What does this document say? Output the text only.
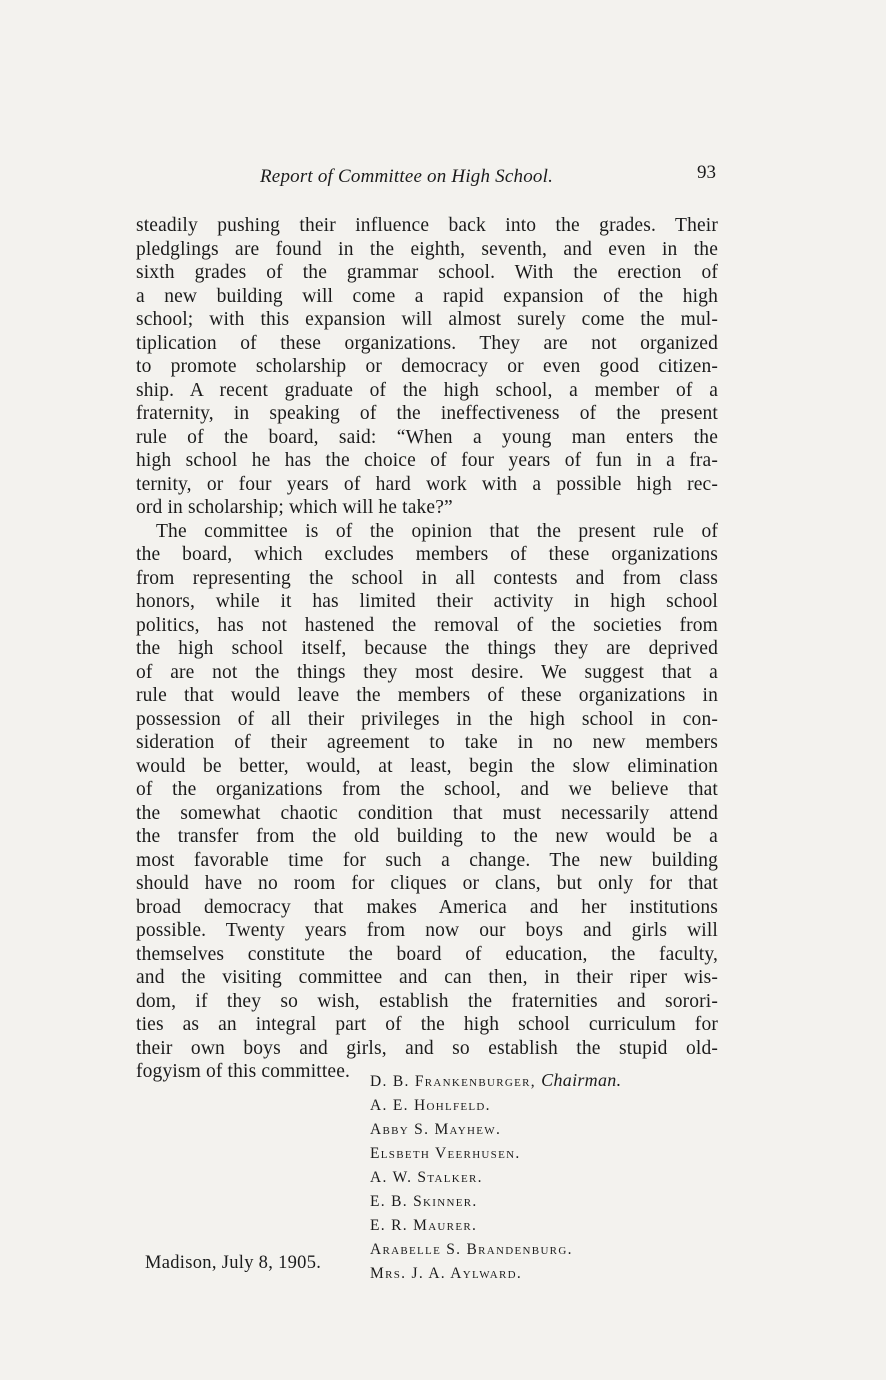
Report of Committee on High School.	93

steadily pushing their influence back into the grades. Their
pledglings are found in the eighth, seventh, and even in the
sixth grades of the grammar school. With the erection of
a new building will come a rapid expansion of the high
school; with this expansion will almost surely come the mul-
tiplication of these organizations. They are not organized
to promote scholarship or democracy or even good citizen-
ship. A recent graduate of the high school, a member of a
fraternity, in speaking of the ineffectiveness of the present
rule of the board, said: “When a young man enters the
high school he has the choice of four years of fun in a fra-
ternity, or four years of hard work with a possible high rec-
ord in scholarship; which will he take?”

The committee is of the opinion that the present rule of
the board, which excludes members of these organizations
from representing the school in all contests and from class
honors, while it has limited their activity in high school
politics, has not hastened the removal of the societies from
the high school itself, because the things they are deprived
of are not the things they most desire. We suggest that a
rule that would leave the members of these organizations in
possession of all their privileges in the high school in con-
sideration of their agreement to take in no new members
would be better, would, at least, begin the slow elimination
of the organizations from the school, and we believe that
the somewhat chaotic condition that must necessarily attend
the transfer from the old building to the new would be a
most favorable time for such a change. The new building
should have no room for cliques or clans, but only for that
broad democracy that makes America and her institutions
possible. Twenty years from now our boys and girls will
themselves constitute the board of education, the faculty,
and the visiting committee and can then, in their riper wis-
dom, if they so wish, establish the fraternities and sorori-
ties as an integral part of the high school curriculum for
their own boys and girls, and so establish the stupid old-
fogyism of this committee.	D. B. Frankenburger, Chairman.
A. E. Hohlfeld.
Abby S. Mayhew.
Elsbeth Veerhusen.
A. W. Stalker.
E. B. Skinner.
E. R. Maurer.
Arabelle S. Brandenburg.
Mrs. J. A. Aylward.
Madison, July 8, 1905.
